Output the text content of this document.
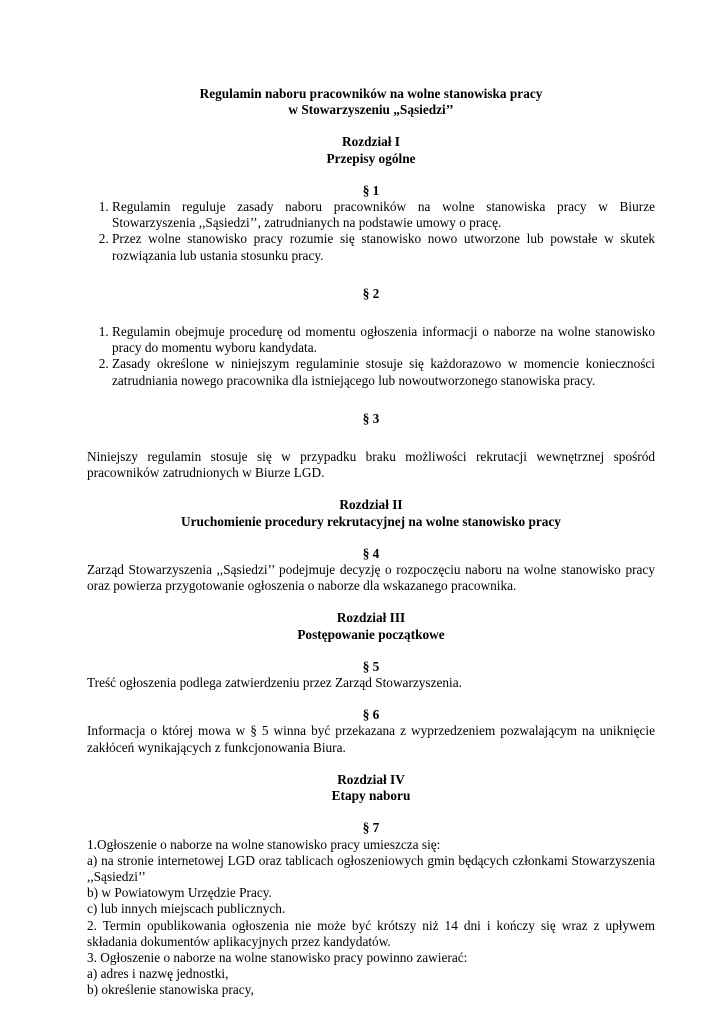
Regulamin naboru pracowników na wolne stanowiska pracy
w Stowarzyszeniu „Sąsiedzi’’

Rozdział I
Przepisy ogólne

§ 1

1. Regulamin reguluje zasady naboru pracowników na wolne stanowiska pracy w Biurze Stowarzyszenia ,,Sąsiedzi’’, zatrudnianych na podstawie umowy o pracę.
2. Przez wolne stanowisko pracy rozumie się stanowisko nowo utworzone lub powstałe w skutek rozwiązania lub ustania stosunku pracy.

§ 2

1. Regulamin obejmuje procedurę od momentu ogłoszenia informacji o naborze na wolne stanowisko pracy do momentu wyboru kandydata.
2. Zasady określone w niniejszym regulaminie stosuje się każdorazowo w momencie konieczności zatrudniania nowego pracownika dla istniejącego lub nowoutworzonego stanowiska pracy.

§ 3

Niniejszy regulamin stosuje się w przypadku braku możliwości rekrutacji wewnętrznej spośród pracowników zatrudnionych w Biurze LGD.

Rozdział II
Uruchomienie procedury rekrutacyjnej na wolne stanowisko pracy

§ 4

Zarząd Stowarzyszenia ,,Sąsiedzi’’ podejmuje decyzję o rozpoczęciu naboru na wolne stanowisko pracy oraz powierza przygotowanie ogłoszenia o naborze dla wskazanego pracownika.

Rozdział III
Postępowanie początkowe

§ 5

Treść ogłoszenia podlega zatwierdzeniu przez Zarząd Stowarzyszenia.

§ 6

Informacja o której mowa w § 5 winna być przekazana z wyprzedzeniem pozwalającym na uniknięcie zakłóceń wynikających z funkcjonowania Biura.

Rozdział IV
Etapy naboru

§ 7

1.Ogłoszenie o naborze na wolne stanowisko pracy umieszcza się:

a) na stronie internetowej LGD oraz tablicach ogłoszeniowych gmin będących członkami Stowarzyszenia ,,Sąsiedzi’’

b) w Powiatowym Urzędzie Pracy.

c) lub innych miejscach publicznych.

2. Termin opublikowania ogłoszenia nie może być krótszy niż 14 dni i kończy się wraz z upływem składania dokumentów aplikacyjnych przez kandydatów.

3. Ogłoszenie o naborze na wolne stanowisko pracy powinno zawierać:

a) adres i nazwę jednostki,

b) określenie stanowiska pracy,
